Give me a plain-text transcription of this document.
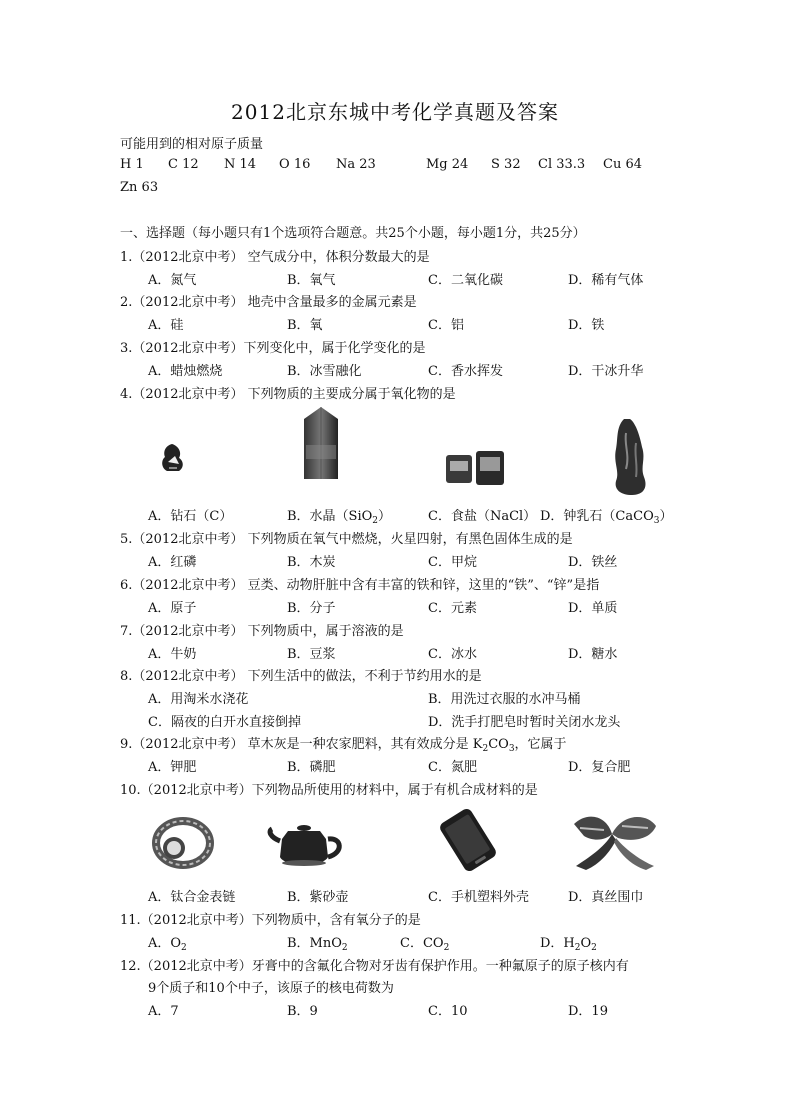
2012北京东城中考化学真题及答案
可能用到的相对原子质量
H 1 C 12 N 14 O 16 Na 23	Mg 24 S 32 Cl 33.3 Cu 64
Zn 63
一、选择题（每小题只有1个选项符合题意。共25个小题，每小题1分，共25分）
1.（2012北京中考） 空气成分中，体积分数最大的是
A．氮气	B．氧气	C．二氧化碳	D．稀有气体
2.（2012北京中考） 地壳中含量最多的金属元素是
A．硅	B．氧	C．铝	D．铁
3.（2012北京中考）下列变化中，属于化学变化的是
A．蜡烛燃烧	B．冰雪融化	C．香水挥发	D．干冰升华
4.（2012北京中考） 下列物质的主要成分属于氧化物的是
A．钻石（C）	B．水晶（SiO$_2$）	C．食盐（NaCl） D．钟乳石（CaCO$_3$）
5.（2012北京中考） 下列物质在氧气中燃烧，火星四射，有黑色固体生成的是
A．红磷	B．木炭	C．甲烷	D．铁丝
6.（2012北京中考） 豆类、动物肝脏中含有丰富的铁和锌，这里的“铁”、“锌”是指
A．原子	B．分子	C．元素	D．单质
7.（2012北京中考） 下列物质中，属于溶液的是
A．牛奶	B．豆浆	C．冰水	D．糖水
8.（2012北京中考） 下列生活中的做法，不利于节约用水的是
A．用淘米水浇花	B．用洗过衣服的水冲马桶
C．隔夜的白开水直接倒掉	D．洗手打肥皂时暂时关闭水龙头
9.（2012北京中考） 草木灰是一种农家肥料，其有效成分是 $K_2CO_3$，它属于
A．钾肥	B．磷肥	C．氮肥	D．复合肥
10.（2012北京中考）下列物品所使用的材料中，属于有机合成材料的是
A．钛合金表链	B．紫砂壶	C．手机塑料外壳	D．真丝围巾
11.（2012北京中考）下列物质中，含有氧分子的是
A．$O_2$	B．MnO$_2$	C．$CO_2$	D．$H_2O_2$
12.（2012北京中考）牙膏中的含氟化合物对牙齿有保护作用。一种氟原子的原子核内有
9个质子和10个中子，该原子的核电荷数为
A．7	B．9	C．10	D．19
